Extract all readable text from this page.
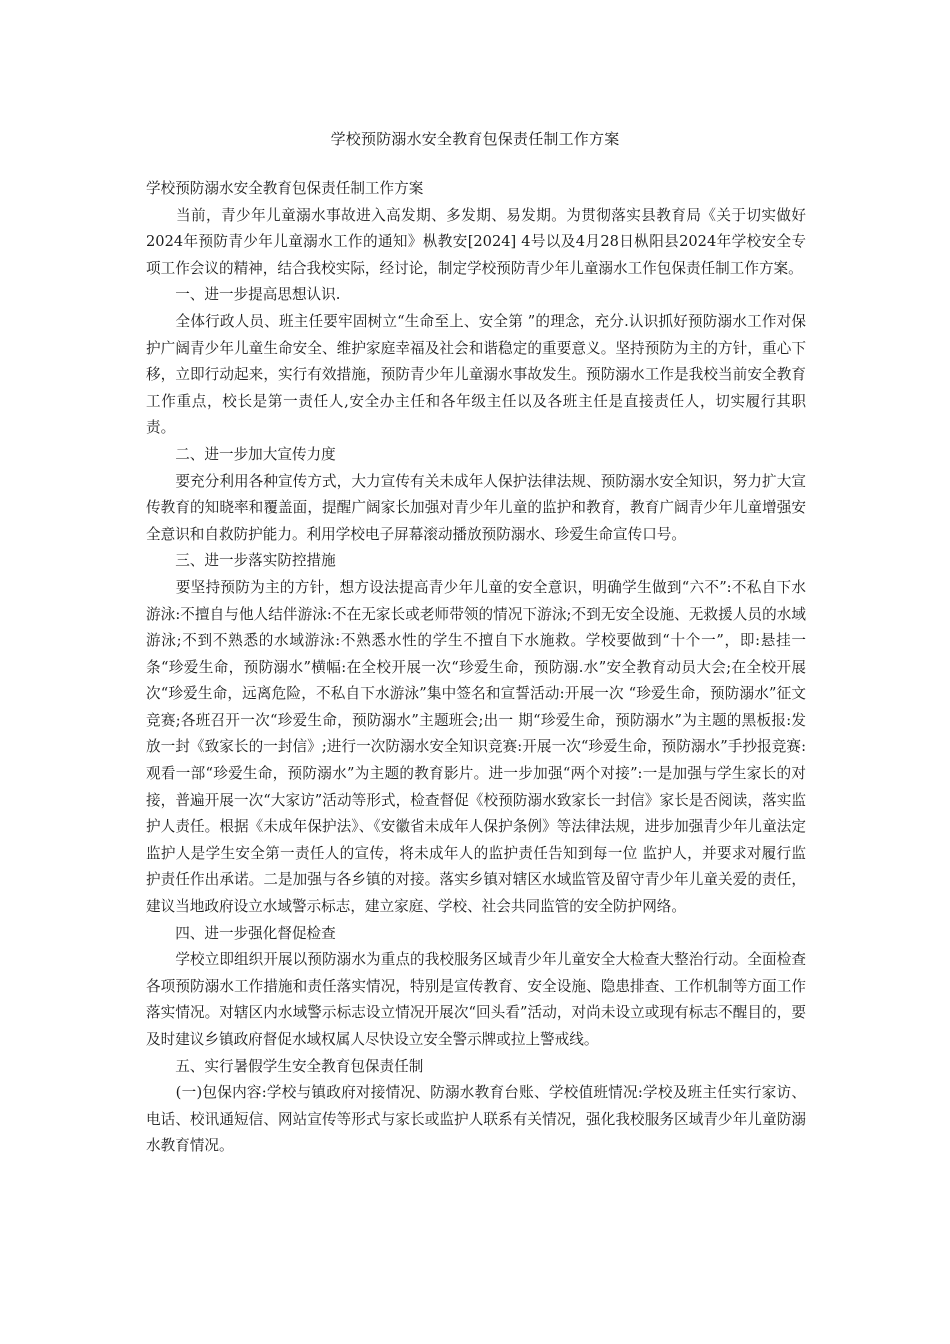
学校预防溺水安全教育包保责任制工作方案

学校预防溺水安全教育包保责任制工作方案

　　当前，青少年儿童溺水事故进入高发期、多发期、易发期。为贯彻落实县教育局《关于切实做好2024年预防青少年儿童溺水工作的通知》枞教安[2024] 4号以及4月28日枞阳县2024年学校安全专项工作会议的精神，结合我校实际，经讨论，制定学校预防青少年儿童溺水工作包保责任制工作方案。

　　一、进一步提高思想认识.

　　全体行政人员、班主任要牢固树立“生命至上、安全第 ”的理念，充分.认识抓好预防溺水工作对保护广阔青少年儿童生命安全、维护家庭幸福及社会和谐稳定的重要意义。坚持预防为主的方针，重心下移，立即行动起来，实行有效措施，预防青少年儿童溺水事故发生。预防溺水工作是我校当前安全教育工作重点，校长是第一责任人,安全办主任和各年级主任以及各班主任是直接责任人，切实履行其职责。

　　二、进一步加大宣传力度

　　要充分利用各种宣传方式，大力宣传有关未成年人保护法律法规、预防溺水安全知识，努力扩大宣传教育的知晓率和覆盖面，提醒广阔家长加强对青少年儿童的监护和教育，教育广阔青少年儿童增强安全意识和自救防护能力。利用学校电子屏幕滚动播放预防溺水、珍爱生命宣传口号。

　　三、进一步落实防控措施

　　要坚持预防为主的方针，想方设法提高青少年儿童的安全意识，明确学生做到“六不”:不私自下水游泳:不擅自与他人结伴游泳:不在无家长或老师带领的情况下游泳;不到无安全设施、无救援人员的水域游泳;不到不熟悉的水域游泳:不熟悉水性的学生不擅自下水施救。学校要做到“十个一”，即:悬挂一条“珍爱生命，预防溺水”横幅:在全校开展一次“珍爱生命，预防溺.水”安全教育动员大会;在全校开展 次“珍爱生命，远离危险，不私自下水游泳”集中签名和宣誓活动:开展一次 “珍爱生命，预防溺水”征文竞赛;各班召开一次“珍爱生命，预防溺水”主题班会;出一 期“珍爱生命，预防溺水”为主题的黑板报:发放一封《致家长的一封信》;进行一次防溺水安全知识竞赛:开展一次“珍爱生命，预防溺水”手抄报竞赛:观看一部“珍爱生命，预防溺水”为主题的教育影片。进一步加强“两个对接”:一是加强与学生家长的对接，普遍开展一次“大家访”活动等形式，检查督促《校预防溺水致家长一封信》家长是否阅读，落实监护人责任。根据《未成年保护法》、《安徽省未成年人保护条例》等法律法规，进步加强青少年儿童法定监护人是学生安全第一责任人的宣传，将未成年人的监护责任告知到每一位 监护人，并要求对履行监护责任作出承诺。二是加强与各乡镇的对接。落实乡镇对辖区水域监管及留守青少年儿童关爱的责任，建议当地政府设立水域警示标志，建立家庭、学校、社会共同监管的安全防护网络。

　　四、进一步强化督促检查

　　学校立即组织开展以预防溺水为重点的我校服务区域青少年儿童安全大检查大整治行动。全面检查各项预防溺水工作措施和责任落实情况，特别是宣传教育、安全设施、隐患排查、工作机制等方面工作落实情况。对辖区内水域警示标志设立情况开展次“回头看”活动，对尚未设立或现有标志不醒目的，要及时建议乡镇政府督促水域权属人尽快设立安全警示牌或拉上警戒线。

　　五、实行暑假学生安全教育包保责任制

　　(一)包保内容:学校与镇政府对接情况、防溺水教育台账、学校值班情况:学校及班主任实行家访、电话、校讯通短信、网站宣传等形式与家长或监护人联系有关情况，强化我校服务区域青少年儿童防溺水教育情况。
